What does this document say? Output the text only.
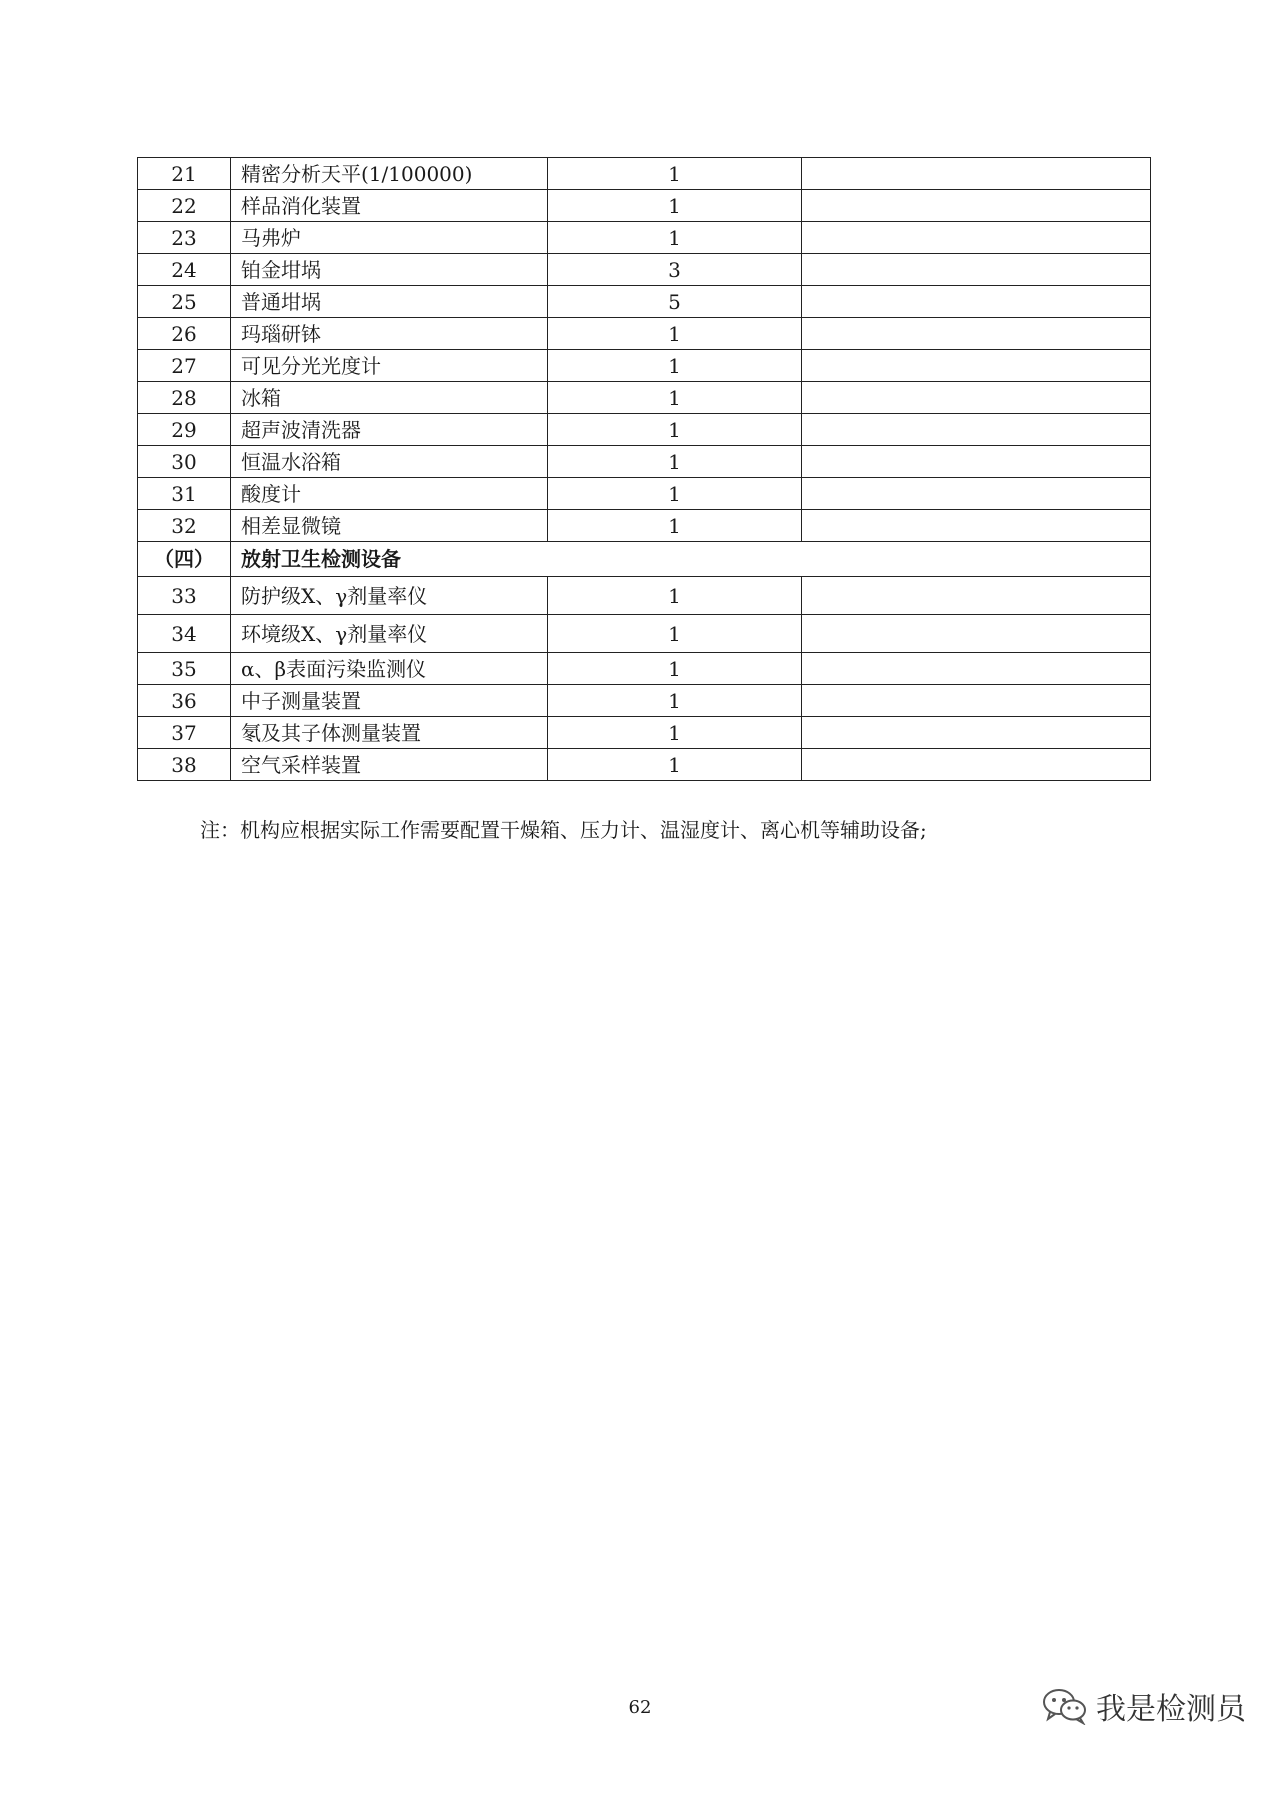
21	精密分析天平(1/100000)	1	
22	样品消化装置	1	
23	马弗炉	1	
24	铂金坩埚	3	
25	普通坩埚	5	
26	玛瑙研钵	1	
27	可见分光光度计	1	
28	冰箱	1	
29	超声波清洗器	1	
30	恒温水浴箱	1	
31	酸度计	1	
32	相差显微镜	1	
（四）	放射卫生检测设备		
33	防护级X、γ剂量率仪	1	
34	环境级X、γ剂量率仪	1	
35	α、β表面污染监测仪	1	
36	中子测量装置	1	
37	氡及其子体测量装置	1	
38	空气采样装置	1	
注：机构应根据实际工作需要配置干燥箱、压力计、温湿度计、离心机等辅助设备;
62	我是检测员
